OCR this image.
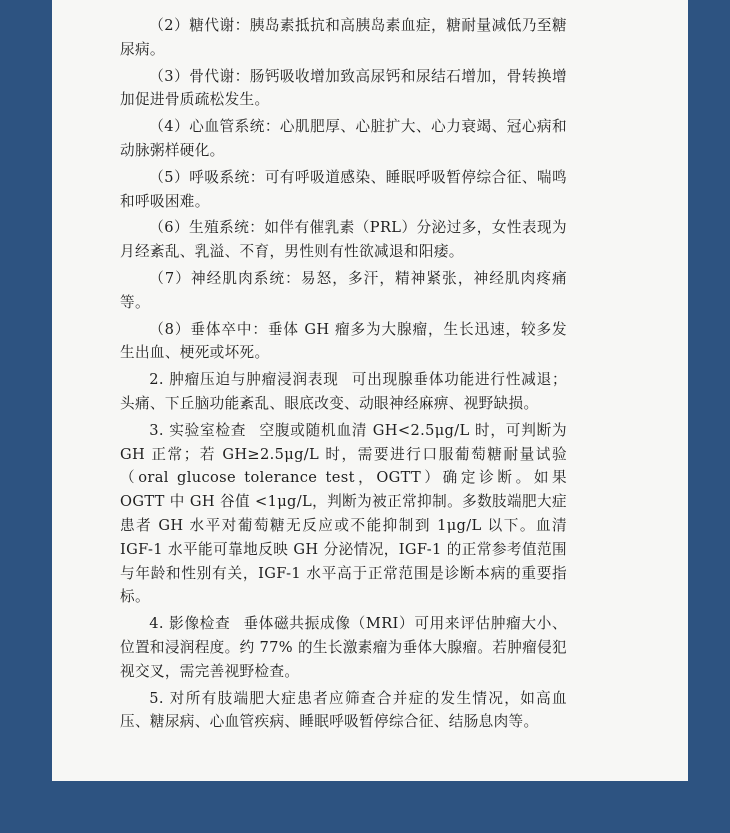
（2）糖代谢：胰岛素抵抗和高胰岛素血症，糖耐量减低乃至糖尿病。

（3）骨代谢：肠钙吸收增加致高尿钙和尿结石增加，骨转换增加促进骨质疏松发生。

（4）心血管系统：心肌肥厚、心脏扩大、心力衰竭、冠心病和动脉粥样硬化。

（5）呼吸系统：可有呼吸道感染、睡眠呼吸暂停综合征、喘鸣和呼吸困难。

（6）生殖系统：如伴有催乳素（PRL）分泌过多，女性表现为月经紊乱、乳溢、不育，男性则有性欲减退和阳痿。

（7）神经肌肉系统：易怒，多汗，精神紧张，神经肌肉疼痛等。

（8）垂体卒中：垂体 GH 瘤多为大腺瘤，生长迅速，较多发生出血、梗死或坏死。

2. 肿瘤压迫与肿瘤浸润表现 可出现腺垂体功能进行性减退；头痛、下丘脑功能紊乱、眼底改变、动眼神经麻痹、视野缺损。

3. 实验室检查 空腹或随机血清 GH<2.5μg/L 时，可判断为 GH 正常；若 GH≥2.5μg/L 时，需要进行口服葡萄糖耐量试验（oral glucose tolerance test，OGTT）确定诊断。如果 OGTT 中 GH 谷值 <1μg/L，判断为被正常抑制。多数肢端肥大症患者 GH 水平对葡萄糖无反应或不能抑制到 1μg/L 以下。血清 IGF-1 水平能可靠地反映 GH 分泌情况，IGF-1 的正常参考值范围与年龄和性别有关，IGF-1 水平高于正常范围是诊断本病的重要指标。

4. 影像检查 垂体磁共振成像（MRI）可用来评估肿瘤大小、位置和浸润程度。约 77% 的生长激素瘤为垂体大腺瘤。若肿瘤侵犯视交叉，需完善视野检查。

5. 对所有肢端肥大症患者应筛查合并症的发生情况，如高血压、糖尿病、心血管疾病、睡眠呼吸暂停综合征、结肠息肉等。
